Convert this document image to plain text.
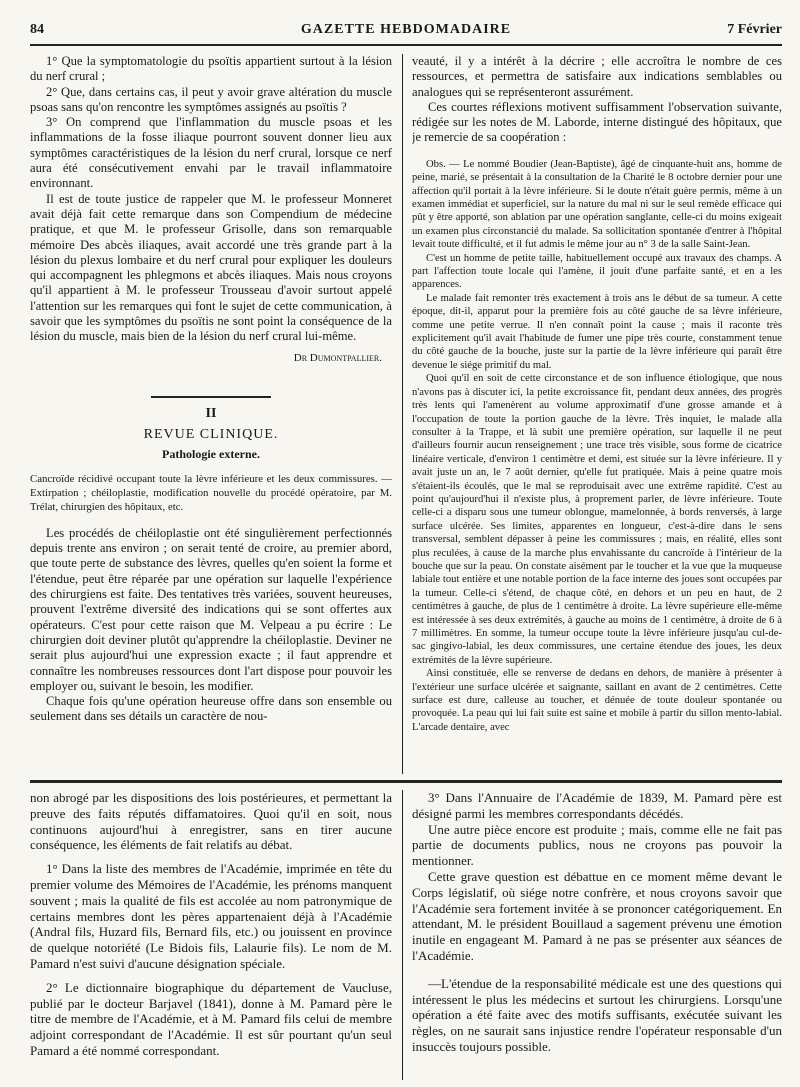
84	GAZETTE HEBDOMADAIRE	7 Février

1° Que la symptomatologie du psoïtis appartient surtout à la lésion du nerf crural ;

2° Que, dans certains cas, il peut y avoir grave altération du muscle psoas sans qu'on rencontre les symptômes assignés au psoïtis ?

3° On comprend que l'inflammation du muscle psoas et les inflammations de la fosse iliaque pourront souvent donner lieu aux symptômes caractéristiques de la lésion du nerf crural, lorsque ce nerf aura été consécutivement envahi par le travail inflammatoire environnant.

Il est de toute justice de rappeler que M. le professeur Monneret avait déjà fait cette remarque dans son Compendium de médecine pratique, et que M. le professeur Grisolle, dans son remarquable mémoire Des abcès iliaques, avait accordé une très grande part à la lésion du plexus lombaire et du nerf crural pour expliquer les douleurs qui accompagnent les phlegmons et abcès iliaques. Mais nous croyons qu'il appartient à M. le professeur Trousseau d'avoir surtout appelé l'attention sur les remarques qui font le sujet de cette communication, à savoir que les symptômes du psoïtis ne sont point la conséquence de la lésion du muscle, mais bien de la lésion du nerf crural lui-même.

Dr Dumontpallier.
II
REVUE CLINIQUE.
Pathologie externe.
Cancroïde récidivé occupant toute la lèvre inférieure et les deux commissures. — Extirpation ; chéiloplastie, modification nouvelle du procédé opératoire, par M. Trélat, chirurgien des hôpitaux, etc.

Les procédés de chéiloplastie ont été singulièrement perfectionnés depuis trente ans environ ; on serait tenté de croire, au premier abord, que toute perte de substance des lèvres, quelles qu'en soient la forme et l'étendue, peut être réparée par une opération sur laquelle l'expérience des chirurgiens est faite. Des tentatives très variées, souvent heureuses, prouvent l'extrême diversité des indications qui se sont offertes aux opérateurs. C'est pour cette raison que M. Velpeau a pu écrire : Le chirurgien doit deviner plutôt qu'apprendre la chéiloplastie. Deviner ne serait plus aujourd'hui une expression exacte ; il faut apprendre et connaître les nombreuses ressources dont l'art dispose pour pouvoir les employer ou, suivant le besoin, les modifier.

Chaque fois qu'une opération heureuse offre dans son ensemble ou seulement dans ses détails un caractère de nou-

veauté, il y a intérêt à la décrire ; elle accroîtra le nombre de ces ressources, et permettra de satisfaire aux indications semblables ou analogues qui se représenteront assurément.

Ces courtes réflexions motivent suffisamment l'observation suivante, rédigée sur les notes de M. Laborde, interne distingué des hôpitaux, que je remercie de sa coopération :

Obs. — Le nommé Boudier (Jean-Baptiste), âgé de cinquante-huit ans, homme de peine, marié, se présentait à la consultation de la Charité le 8 octobre dernier pour une affection qu'il portait à la lèvre inférieure. Si le doute n'était guère permis, même à un examen immédiat et superficiel, sur la nature du mal ni sur le seul remède efficace qui pût y être apporté, son ablation par une opération sanglante, celle-ci du moins exigeait un examen plus circonstancié du malade. Sa sollicitation spontanée d'entrer à l'hôpital levait toute difficulté, et il fut admis le même jour au n° 3 de la salle Saint-Jean.

C'est un homme de petite taille, habituellement occupé aux travaux des champs. A part l'affection toute locale qui l'amène, il jouit d'une parfaite santé, et en a les apparences.

Le malade fait remonter très exactement à trois ans le début de sa tumeur. A cette époque, dit-il, apparut pour la première fois au côté gauche de sa lèvre inférieure, comme une petite verrue. Il n'en connaît point la cause ; mais il raconte très explicitement qu'il avait l'habitude de fumer une pipe très courte, constamment tenue du côté gauche de la bouche, juste sur la partie de la lèvre inférieure qui paraît être devenue le siége primitif du mal.

Quoi qu'il en soit de cette circonstance et de son influence étiologique, que nous n'avons pas à discuter ici, la petite excroissance fit, pendant deux années, des progrès très lents qui l'amenèrent au volume approximatif d'une grosse amande et à l'occupation de toute la portion gauche de la lèvre. Très inquiet, le malade alla consulter à la Trappe, et là subit une première opération, sur laquelle il ne peut d'ailleurs fournir aucun renseignement ; une trace très visible, sous forme de cicatrice linéaire verticale, d'environ 1 centimètre et demi, est située sur la lèvre inférieure. Il y avait juste un an, le 7 août dernier, qu'elle fut pratiquée. Mais à peine quatre mois s'étaient-ils écoulés, que le mal se reproduisait avec une extrême rapidité. C'est au point qu'aujourd'hui il n'existe plus, à proprement parler, de lèvre inférieure. Toute celle-ci a disparu sous une tumeur oblongue, mamelonnée, à bords renversés, à large surface ulcérée. Ses limites, apparentes en longueur, c'est-à-dire dans le sens transversal, semblent dépasser à peine les commissures ; mais, en réalité, elles sont plus reculées, à cause de la marche plus envahissante du cancroïde à l'intérieur de la bouche que sur la peau. On constate aisément par le toucher et la vue que la muqueuse labiale tout entière et une notable portion de la face interne des joues sont occupées par la tumeur. Celle-ci s'étend, de chaque côté, en dehors et un peu en haut, de 2 centimètres à gauche, de plus de 1 centimètre à droite. La lèvre supérieure elle-même est intéressée à ses deux extrémités, à gauche au moins de 1 centimètre, à droite de 6 à 7 millimètres. En somme, la tumeur occupe toute la lèvre inférieure jusqu'au cul-de-sac gingivo-labial, les deux commissures, une certaine étendue des joues, les deux extrémités de la lèvre supérieure.

Ainsi constituée, elle se renverse de dedans en dehors, de manière à présenter à l'extérieur une surface ulcérée et saignante, saillant en avant de 2 centimètres. Cette surface est dure, calleuse au toucher, et dénuée de toute douleur spontanée ou provoquée. La peau qui lui fait suite est saine et mobile à partir du sillon mento-labial. L'arcade dentaire, avec

non abrogé par les dispositions des lois postérieures, et permettant la preuve des faits réputés diffamatoires. Quoi qu'il en soit, nous continuons aujourd'hui à enregistrer, sans en tirer aucune conséquence, les éléments de fait relatifs au débat.

1° Dans la liste des membres de l'Académie, imprimée en tête du premier volume des Mémoires de l'Académie, les prénoms manquent souvent ; mais la qualité de fils est accolée au nom patronymique de certains membres dont les pères appartenaient déjà à l'Académie (Andral fils, Huzard fils, Bernard fils, etc.) ou jouissent en province de quelque notoriété (Le Bidois fils, Lalaurie fils). Le nom de M. Pamard n'est suivi d'aucune désignation spéciale.

2° Le dictionnaire biographique du département de Vaucluse, publié par le docteur Barjavel (1841), donne à M. Pamard père le titre de membre de l'Académie, et à M. Pamard fils celui de membre adjoint correspondant de l'Académie. Il est sûr pourtant qu'un seul Pamard a été nommé correspondant.

3° Dans l'Annuaire de l'Académie de 1839, M. Pamard père est désigné parmi les membres correspondants décédés.

Une autre pièce encore est produite ; mais, comme elle ne fait pas partie de documents publics, nous ne croyons pas pouvoir la mentionner.

Cette grave question est débattue en ce moment même devant le Corps législatif, où siége notre confrère, et nous croyons savoir que l'Académie sera fortement invitée à se prononcer catégoriquement. En attendant, M. le président Bouillaud a sagement prévenu une émotion inutile en engageant M. Pamard à ne pas se présenter aux séances de l'Académie.

—L'étendue de la responsabilité médicale est une des questions qui intéressent le plus les médecins et surtout les chirurgiens. Lorsqu'une opération a été faite avec des motifs suffisants, exécutée suivant les règles, on ne saurait sans injustice rendre l'opérateur responsable d'un insuccès toujours possible.
